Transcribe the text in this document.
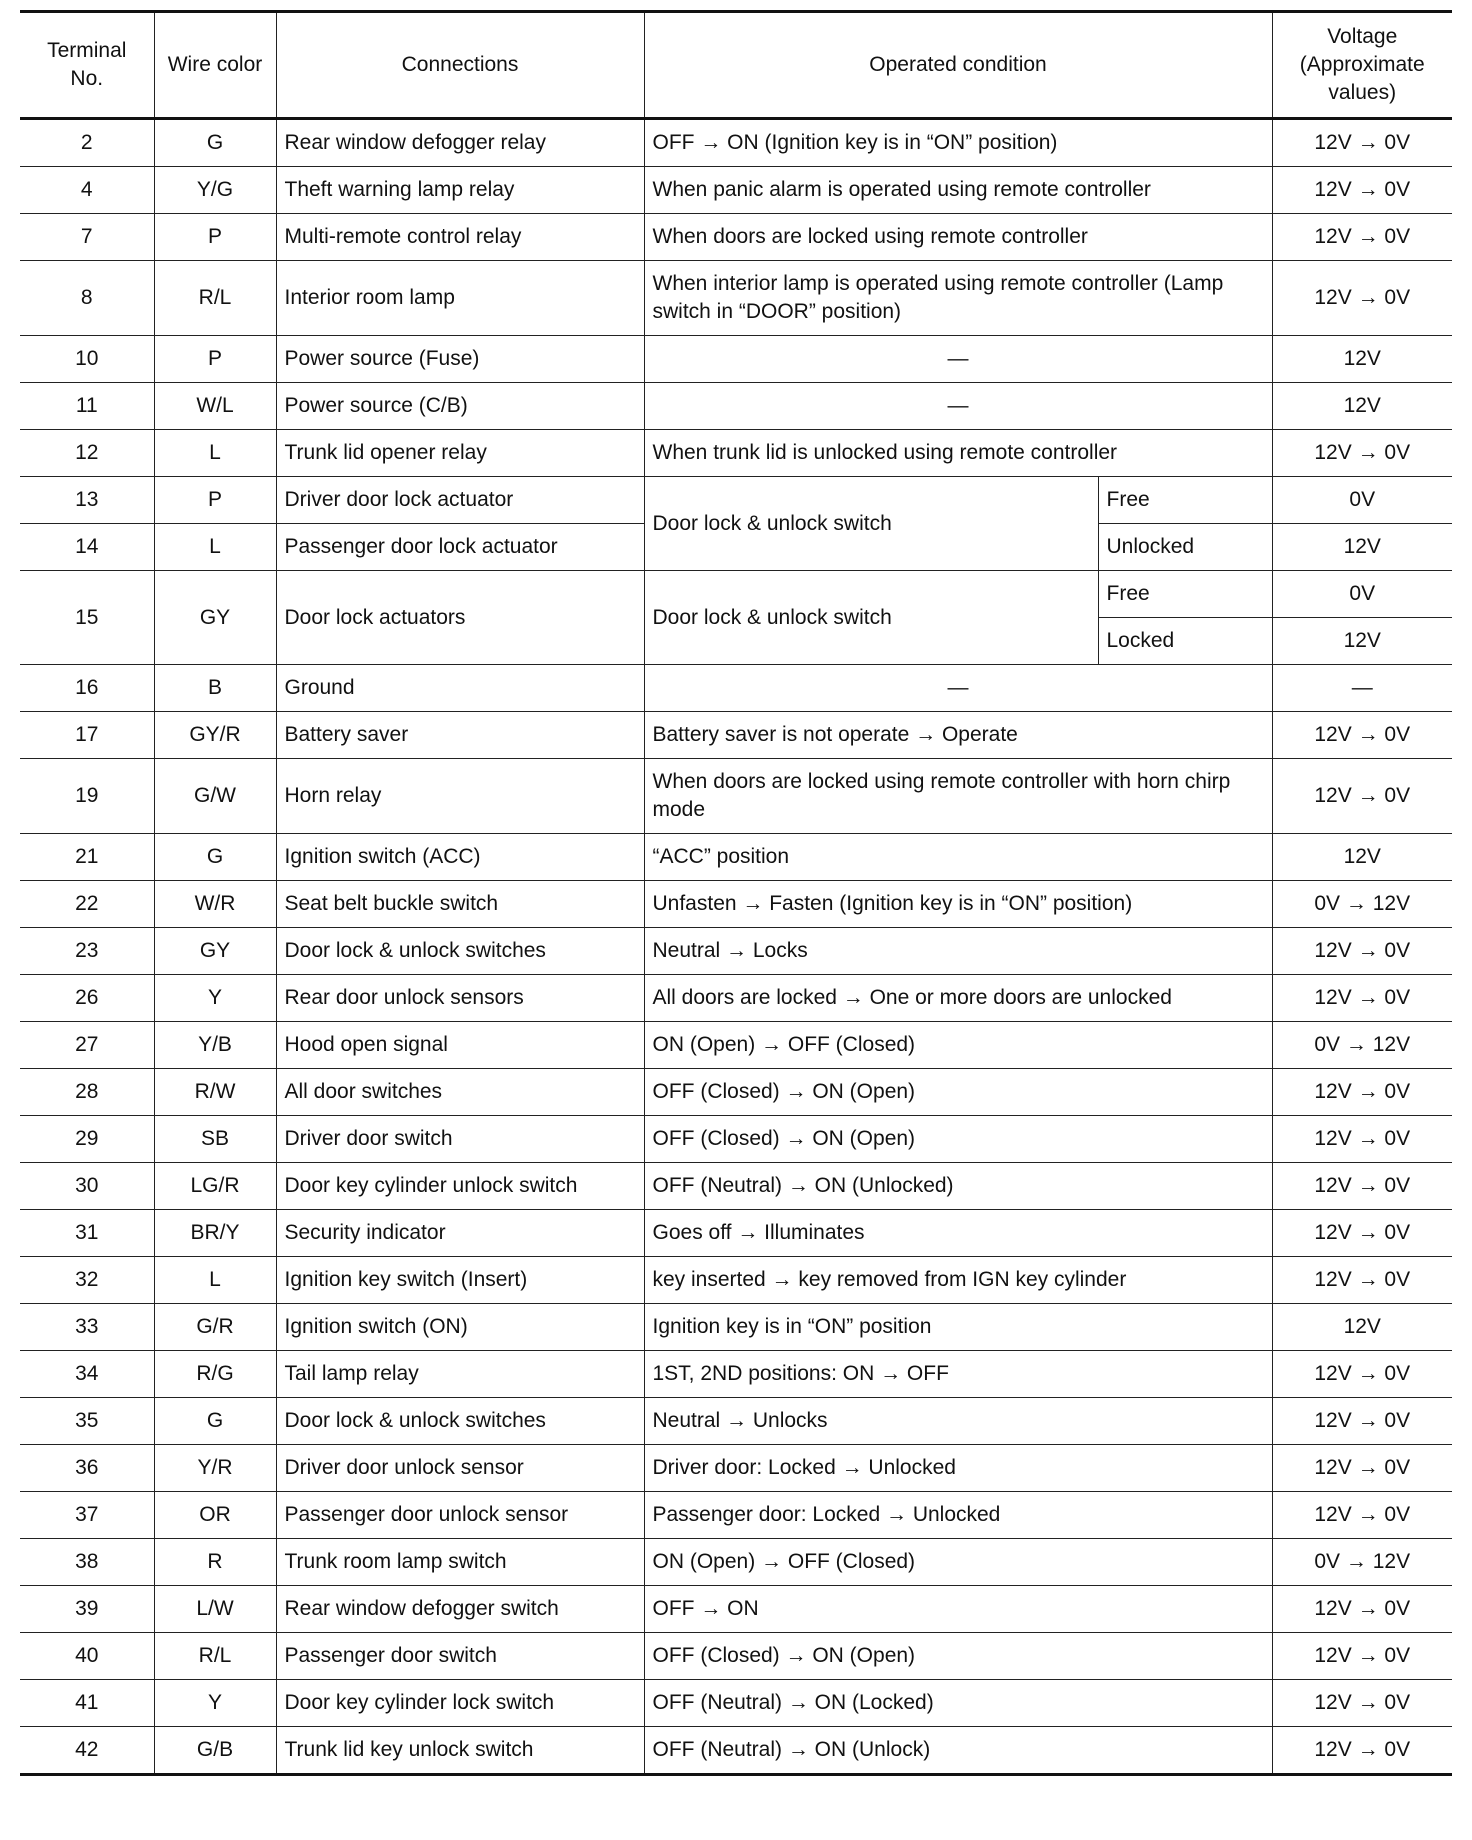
Terminal No.	Wire color	Connections	Operated condition		Voltage (Approximate values)
2	G	Rear window defogger relay	OFF → ON (Ignition key is in “ON” position)		12V → 0V
4	Y/G	Theft warning lamp relay	When panic alarm is operated using remote controller		12V → 0V
7	P	Multi-remote control relay	When doors are locked using remote controller		12V → 0V
8	R/L	Interior room lamp	When interior lamp is operated using remote controller (Lamp switch in “DOOR” position)		12V → 0V
10	P	Power source (Fuse)	—		12V
11	W/L	Power source (C/B)	—		12V
12	L	Trunk lid opener relay	When trunk lid is unlocked using remote controller		12V → 0V
13	P	Driver door lock actuator	Door lock & unlock switch	Free	0V
14	L	Passenger door lock actuator		Unlocked	12V
15	GY	Door lock actuators	Door lock & unlock switch	Free	0V
				Locked	12V
16	B	Ground	—		—
17	GY/R	Battery saver	Battery saver is not operate → Operate		12V → 0V
19	G/W	Horn relay	When doors are locked using remote controller with horn chirp mode		12V → 0V
21	G	Ignition switch (ACC)	“ACC” position		12V
22	W/R	Seat belt buckle switch	Unfasten → Fasten (Ignition key is in “ON” position)		0V → 12V
23	GY	Door lock & unlock switches	Neutral → Locks		12V → 0V
26	Y	Rear door unlock sensors	All doors are locked → One or more doors are unlocked		12V → 0V
27	Y/B	Hood open signal	ON (Open) → OFF (Closed)		0V → 12V
28	R/W	All door switches	OFF (Closed) → ON (Open)		12V → 0V
29	SB	Driver door switch	OFF (Closed) → ON (Open)		12V → 0V
30	LG/R	Door key cylinder unlock switch	OFF (Neutral) → ON (Unlocked)		12V → 0V
31	BR/Y	Security indicator	Goes off → Illuminates		12V → 0V
32	L	Ignition key switch (Insert)	key inserted → key removed from IGN key cylinder		12V → 0V
33	G/R	Ignition switch (ON)	Ignition key is in “ON” position		12V
34	R/G	Tail lamp relay	1ST, 2ND positions: ON → OFF		12V → 0V
35	G	Door lock & unlock switches	Neutral → Unlocks		12V → 0V
36	Y/R	Driver door unlock sensor	Driver door: Locked → Unlocked		12V → 0V
37	OR	Passenger door unlock sensor	Passenger door: Locked → Unlocked		12V → 0V
38	R	Trunk room lamp switch	ON (Open) → OFF (Closed)		0V → 12V
39	L/W	Rear window defogger switch	OFF → ON		12V → 0V
40	R/L	Passenger door switch	OFF (Closed) → ON (Open)		12V → 0V
41	Y	Door key cylinder lock switch	OFF (Neutral) → ON (Locked)		12V → 0V
42	G/B	Trunk lid key unlock switch	OFF (Neutral) → ON (Unlock)		12V → 0V
